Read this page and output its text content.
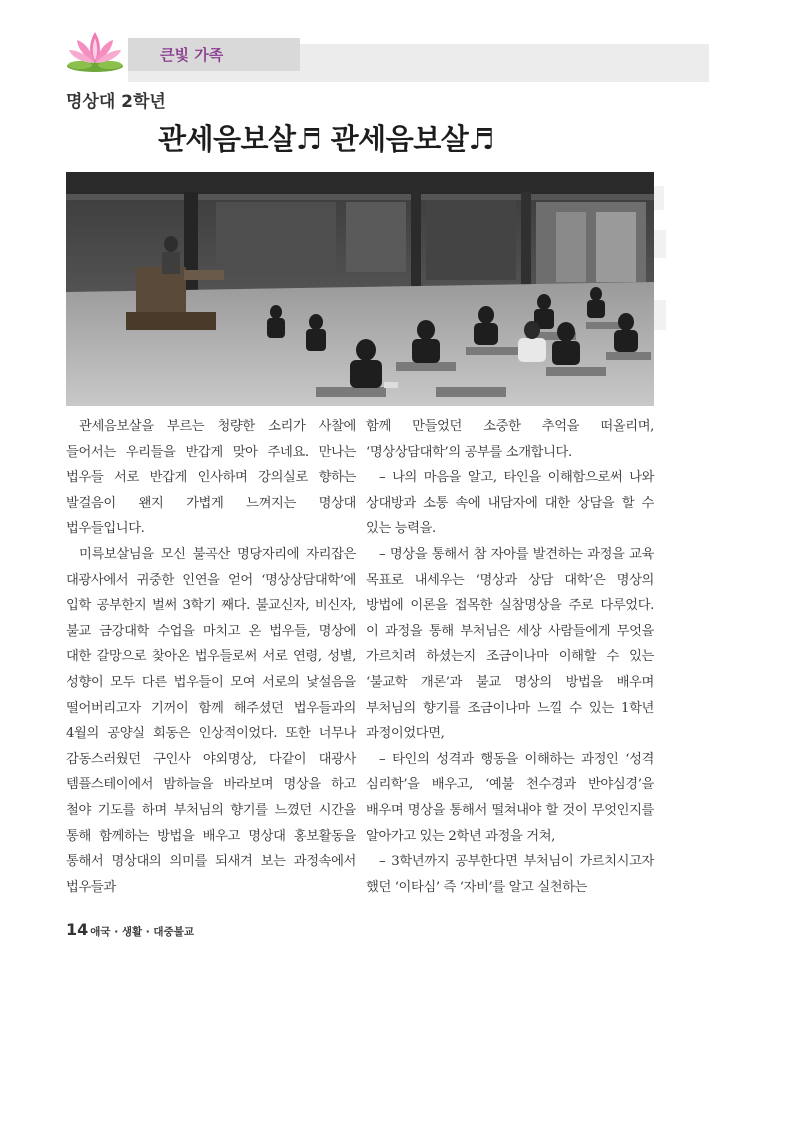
큰빛 가족
명상대 2학년
관세음보살♬ 관세음보살♬

관세음보살을 부르는 청량한 소리가 사찰에 들어서는 우리들을 반갑게 맞아 주네요. 만나는 법우들 서로 반갑게 인사하며 강의실로 향하는 발걸음이 왠지 가볍게 느껴지는 명상대 법우들입니다.

미륵보살님을 모신 불곡산 명당자리에 자리잡은 대광사에서 귀중한 인연을 얻어 ‘명상상담대학’에 입학 공부한지 벌써 3학기 째다. 불교신자, 비신자, 불교 금강대학 수업을 마치고 온 법우들, 명상에 대한 갈망으로 찾아온 법우들로써 서로 연령, 성별, 성향이 모두 다른 법우들이 모여 서로의 낯설음을 떨어버리고자 기꺼이 함께 해주셨던 법우들과의 4월의 공양실 회동은 인상적이었다. 또한 너무나 감동스러웠던 구인사 야외명상, 다같이 대광사 템플스테이에서 밤하늘을 바라보며 명상을 하고 철야 기도를 하며 부처님의 향기를 느꼈던 시간을 통해 함께하는 방법을 배우고 명상대 홍보활동을 통해서 명상대의 의미를 되새겨 보는 과정속에서 법우들과

함께 만들었던 소중한 추억을 떠올리며, ‘명상상담대학’의 공부를 소개합니다.

– 나의 마음을 알고, 타인을 이해함으로써 나와 상대방과 소통 속에 내담자에 대한 상담을 할 수 있는 능력을.

– 명상을 통해서 참 자아를 발견하는 과정을 교육 목표로 내세우는 ‘명상과 상담 대학’은 명상의 방법에 이론을 접목한 실참명상을 주로 다루었다. 이 과정을 통해 부처님은 세상 사람들에게 무엇을 가르치려 하셨는지 조금이나마 이해할 수 있는 ‘불교학 개론’과 불교 명상의 방법을 배우며 부처님의 향기를 조금이나마 느낄 수 있는 1학년 과정이었다면,

– 타인의 성격과 행동을 이해하는 과정인 ‘성격 심리학’을 배우고, ‘예불 천수경과 반야심경’을 배우며 명상을 통해서 떨쳐내야 할 것이 무엇인지를 알아가고 있는 2학년 과정을 거쳐,

– 3학년까지 공부한다면 부처님이 가르치시고자 했던 ‘이타심’ 즉 ‘자비’를 알고 실천하는

14 애국 · 생활 · 대중불교
